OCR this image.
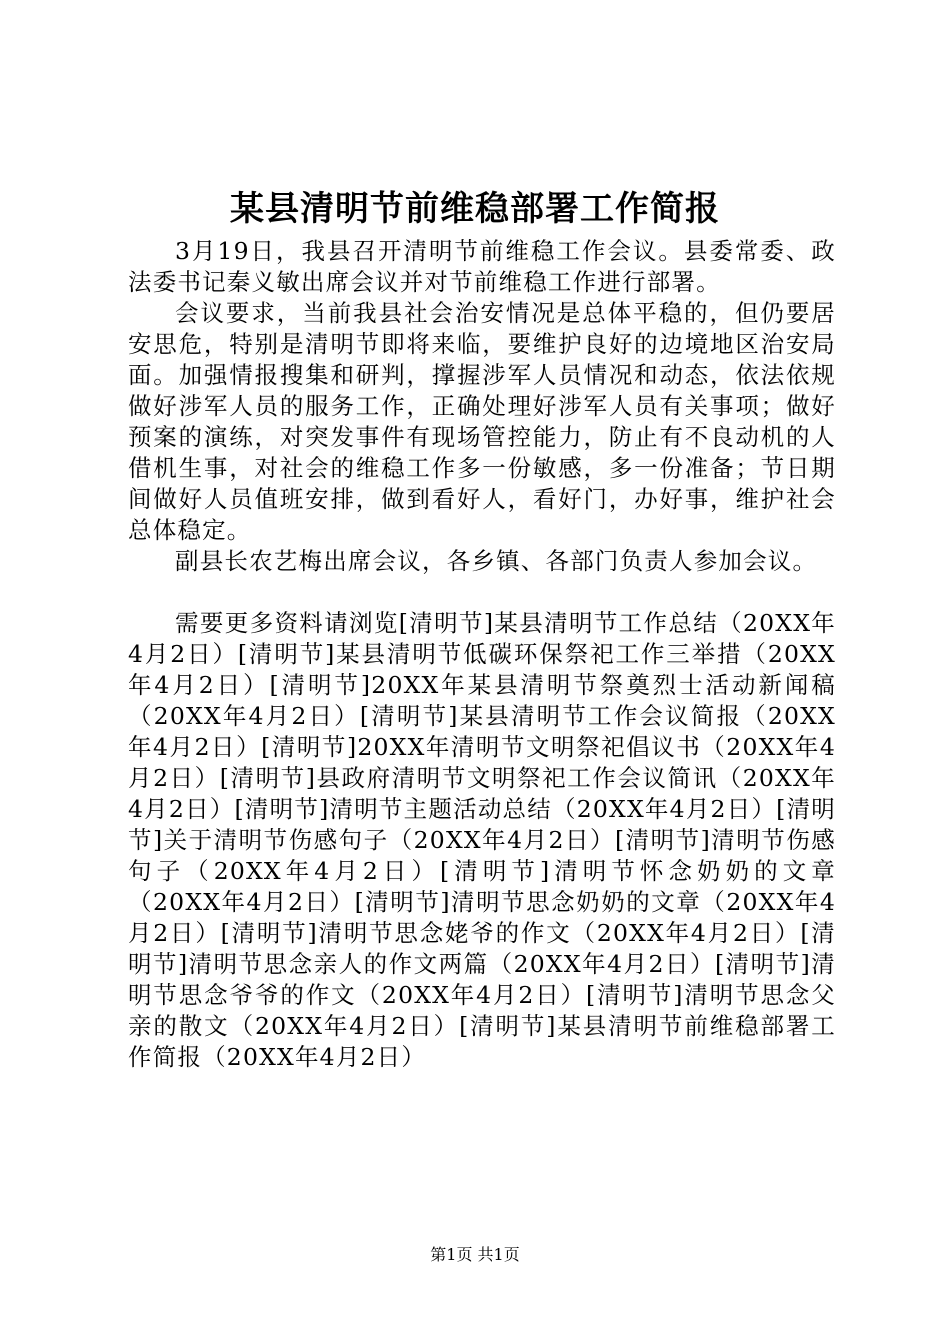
某县清明节前维稳部署工作简报

3月19日，我县召开清明节前维稳工作会议。县委常委、政法委书记秦义敏出席会议并对节前维稳工作进行部署。

会议要求，当前我县社会治安情况是总体平稳的，但仍要居安思危，特别是清明节即将来临，要维护良好的边境地区治安局面。加强情报搜集和研判，撑握涉军人员情况和动态，依法依规做好涉军人员的服务工作，正确处理好涉军人员有关事项；做好预案的演练，对突发事件有现场管控能力，防止有不良动机的人借机生事，对社会的维稳工作多一份敏感，多一份准备；节日期间做好人员值班安排，做到看好人，看好门，办好事，维护社会总体稳定。

副县长农艺梅出席会议，各乡镇、各部门负责人参加会议。

需要更多资料请浏览[清明节]某县清明节工作总结（20XX年4月2日）[清明节]某县清明节低碳环保祭祀工作三举措（20XX年4月2日）[清明节]20XX年某县清明节祭奠烈士活动新闻稿（20XX年4月2日）[清明节]某县清明节工作会议简报（20XX年4月2日）[清明节]20XX年清明节文明祭祀倡议书（20XX年4月2日）[清明节]县政府清明节文明祭祀工作会议简讯（20XX年4月2日）[清明节]清明节主题活动总结（20XX年4月2日）[清明节]关于清明节伤感句子（20XX年4月2日）[清明节]清明节伤感句子（20XX年4月2日）[清明节]清明节怀念奶奶的文章（20XX年4月2日）[清明节]清明节思念奶奶的文章（20XX年4月2日）[清明节]清明节思念姥爷的作文（20XX年4月2日）[清明节]清明节思念亲人的作文两篇（20XX年4月2日）[清明节]清明节思念爷爷的作文（20XX年4月2日）[清明节]清明节思念父亲的散文（20XX年4月2日）[清明节]某县清明节前维稳部署工作简报（20XX年4月2日）

第1页 共1页
